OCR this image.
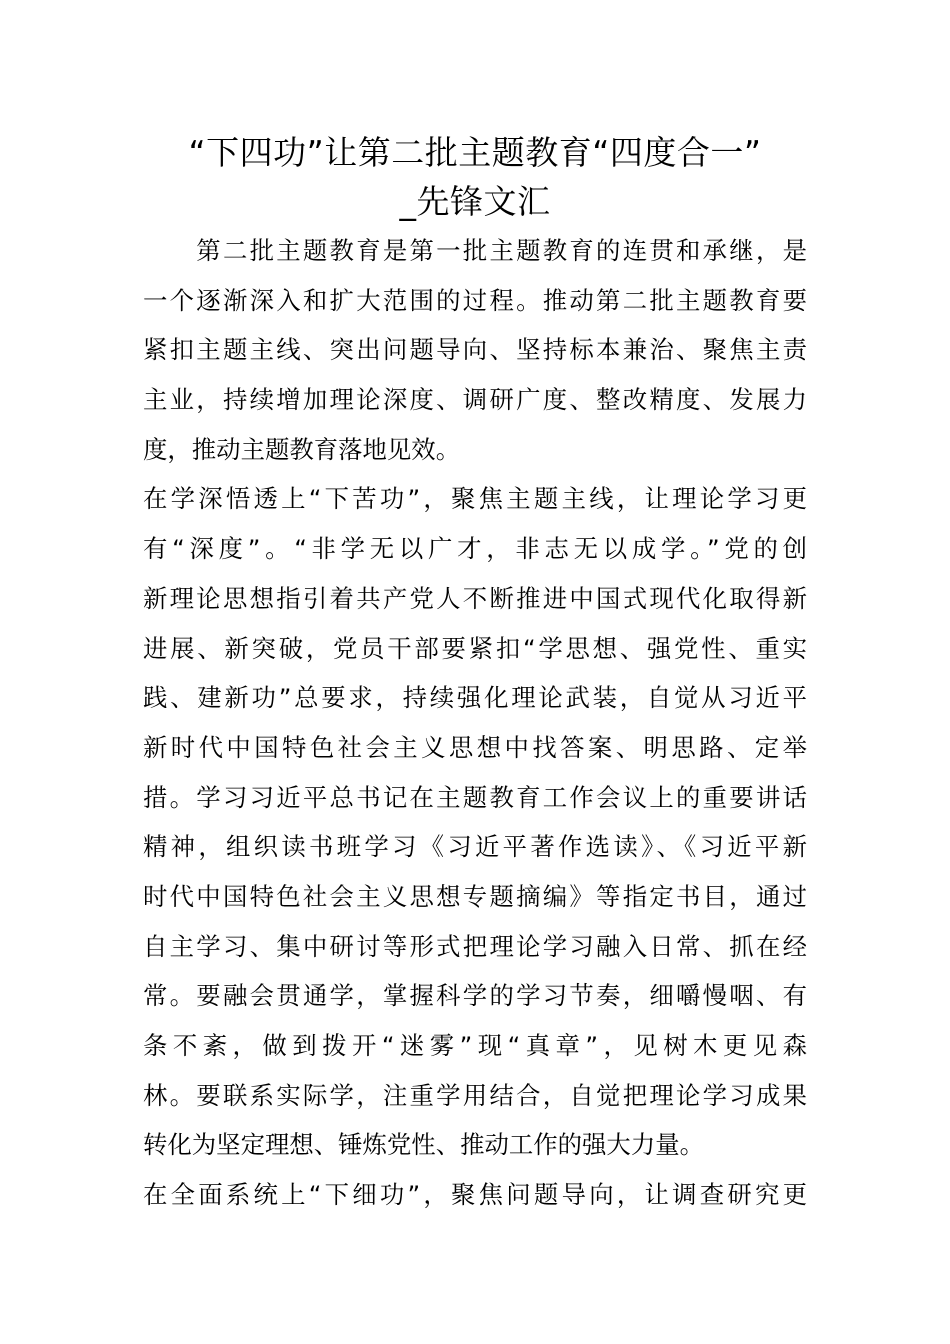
“下四功”让第二批主题教育“四度合一”
_先锋文汇
　　第二批主题教育是第一批主题教育的连贯和承继，是
一个逐渐深入和扩大范围的过程。推动第二批主题教育要
紧扣主题主线、突出问题导向、坚持标本兼治、聚焦主责
主业，持续增加理论深度、调研广度、整改精度、发展力
度，推动主题教育落地见效。
在学深悟透上“下苦功”，聚焦主题主线，让理论学习更
有“深度”。“非学无以广才，非志无以成学。”党的创
新理论思想指引着共产党人不断推进中国式现代化取得新
进展、新突破，党员干部要紧扣“学思想、强党性、重实
践、建新功”总要求，持续强化理论武装，自觉从习近平
新时代中国特色社会主义思想中找答案、明思路、定举
措。学习习近平总书记在主题教育工作会议上的重要讲话
精神，组织读书班学习《习近平著作选读》、《习近平新
时代中国特色社会主义思想专题摘编》等指定书目，通过
自主学习、集中研讨等形式把理论学习融入日常、抓在经
常。要融会贯通学，掌握科学的学习节奏，细嚼慢咽、有
条不紊，做到拨开“迷雾”现“真章”，见树木更见森
林。要联系实际学，注重学用结合，自觉把理论学习成果
转化为坚定理想、锤炼党性、推动工作的强大力量。
在全面系统上“下细功”，聚焦问题导向，让调查研究更
